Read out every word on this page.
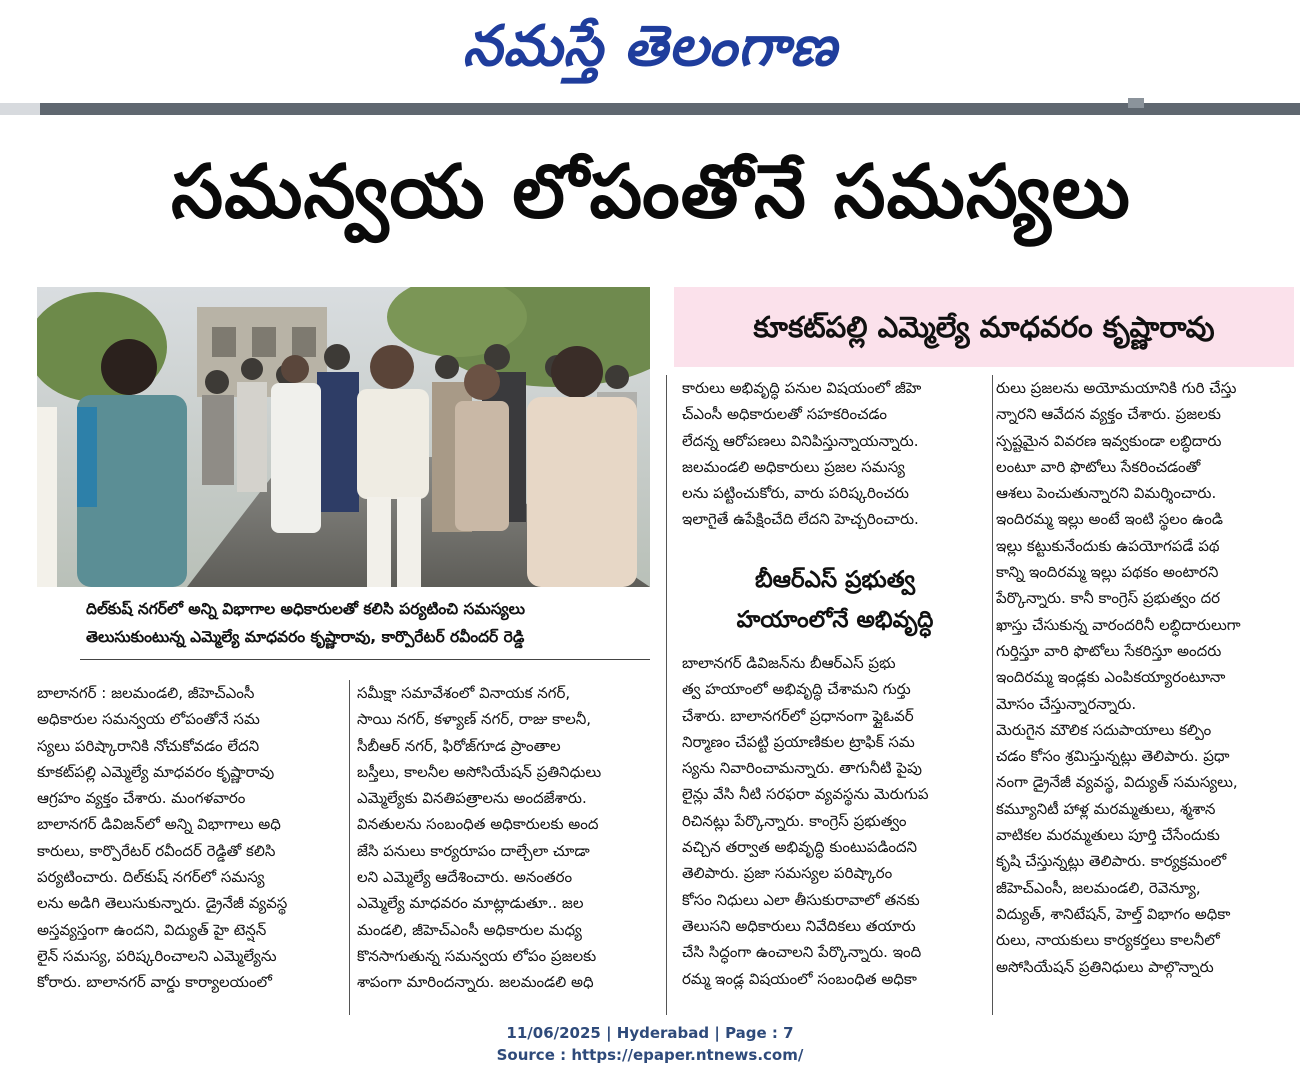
నమస్తే తెలంగాణ
సమన్వయ లోపంతోనే సమస్యలు
దిల్‌కుష్ నగర్‌లో అన్ని విభాగాల అధికారులతో కలిసి పర్యటించి సమస్యలు
తెలుసుకుంటున్న ఎమ్మెల్యే మాధవరం కృష్ణారావు, కార్పొరేటర్ రవీందర్ రెడ్డి
కూకట్‌పల్లి ఎమ్మెల్యే మాధవరం కృష్ణారావు

బాలానగర్ : జలమండలి, జీహెచ్ఎంసీ

అధికారుల సమన్వయ లోపంతోనే సమ

స్యలు పరిష్కారానికి నోచుకోవడం లేదని

కూకట్‌పల్లి ఎమ్మెల్యే మాధవరం కృష్ణారావు

ఆగ్రహం వ్యక్తం చేశారు. మంగళవారం

బాలానగర్ డివిజన్‌లో అన్ని విభాగాలు అధి

కారులు, కార్పొరేటర్ రవీందర్ రెడ్డితో కలిసి

పర్యటించారు. దిల్‌కుష్ నగర్‌లో సమస్య

లను అడిగి తెలుసుకున్నారు. డ్రైనేజీ వ్యవస్థ

అస్తవ్యస్తంగా ఉందని, విద్యుత్ హై టెన్షన్

లైన్ సమస్య, పరిష్కరించాలని ఎమ్మెల్యేను

కోరారు. బాలానగర్ వార్డు కార్యాలయంలో

సమీక్షా సమావేశంలో వినాయక నగర్,

సాయి నగర్, కళ్యాణ్ నగర్, రాజు కాలనీ,

సీబీఆర్ నగర్, ఫిరోజ్‌గూడ ప్రాంతాల

బస్తీలు, కాలనీల అసోసియేషన్ ప్రతినిధులు

ఎమ్మెల్యేకు వినతిపత్రాలను అందజేశారు.

వినతులను సంబంధిత అధికారులకు అంద

జేసి పనులు కార్యరూపం దాల్చేలా చూడా

లని ఎమ్మెల్యే ఆదేశించారు. అనంతరం

ఎమ్మెల్యే మాధవరం మాట్లాడుతూ.. జల

మండలి, జీహెచ్ఎంసీ అధికారుల మధ్య

కొనసాగుతున్న సమన్వయ లోపం ప్రజలకు

శాపంగా మారిందన్నారు. జలమండలి అధి

కారులు అభివృద్ధి పనుల విషయంలో జీహె

చ్ఎంసీ అధికారులతో సహకరించడం

లేదన్న ఆరోపణలు వినిపిస్తున్నాయన్నారు.

జలమండలి అధికారులు ప్రజల సమస్య

లను పట్టించుకోరు, వారు పరిష్కరించరు

ఇలాగైతే ఉపేక్షించేది లేదని హెచ్చరించారు.

బీఆర్ఎస్ ప్రభుత్వ
హయాంలోనే అభివృద్ధి

బాలానగర్ డివిజన్‌ను బీఆర్ఎస్ ప్రభు

త్వ హయాంలో అభివృద్ధి చేశామని గుర్తు

చేశారు. బాలానగర్‌లో ప్రధానంగా ఫ్లైఓవర్

నిర్మాణం చేపట్టి ప్రయాణికుల ట్రాఫిక్ సమ

స్యను నివారించామన్నారు. తాగునీటి పైపు

లైన్లు వేసి నీటి సరఫరా వ్యవస్థను మెరుగుప

రిచినట్లు పేర్కొన్నారు. కాంగ్రెస్ ప్రభుత్వం

వచ్చిన తర్వాత అభివృద్ధి కుంటుపడిందని

తెలిపారు. ప్రజా సమస్యల పరిష్కారం

కోసం నిధులు ఎలా తీసుకురావాలో తనకు

తెలుసని అధికారులు నివేదికలు తయారు

చేసి సిద్ధంగా ఉంచాలని పేర్కొన్నారు. ఇంది

రమ్మ ఇండ్ల విషయంలో సంబంధిత అధికా

రులు ప్రజలను అయోమయానికి గురి చేస్తు

న్నారని ఆవేదన వ్యక్తం చేశారు. ప్రజలకు

స్పష్టమైన వివరణ ఇవ్వకుండా లబ్ధిదారు

లంటూ వారి ఫొటోలు సేకరించడంతో

ఆశలు పెంచుతున్నారని విమర్శించారు.

ఇందిరమ్మ ఇల్లు అంటే ఇంటి స్థలం ఉండి

ఇల్లు కట్టుకునేందుకు ఉపయోగపడే పథ

కాన్ని ఇందిరమ్మ ఇల్లు పథకం అంటారని

పేర్కొన్నారు. కానీ కాంగ్రెస్ ప్రభుత్వం దర

ఖాస్తు చేసుకున్న వారందరినీ లబ్ధిదారులుగా

గుర్తిస్తూ వారి ఫొటోలు సేకరిస్తూ అందరు

ఇందిరమ్మ ఇండ్లకు ఎంపికయ్యారంటూనా

మోసం చేస్తున్నారన్నారు.

మెరుగైన మౌలిక సదుపాయాలు కల్పిం

చడం కోసం శ్రమిస్తున్నట్లు తెలిపారు. ప్రధా

నంగా డ్రైనేజీ వ్యవస్థ, విద్యుత్ సమస్యలు,

కమ్యూనిటీ హాళ్ల మరమ్మతులు, శ్మశాన

వాటికల మరమ్మతులు పూర్తి చేసేందుకు

కృషి చేస్తున్నట్లు తెలిపారు. కార్యక్రమంలో

జీహెచ్ఎంసీ, జలమండలి, రెవెన్యూ,

విద్యుత్, శానిటేషన్, హెల్త్ విభాగం అధికా

రులు, నాయకులు కార్యకర్తలు కాలనీలో

అసోసియేషన్ ప్రతినిధులు పాల్గొన్నారు

11/06/2025 | Hyderabad | Page : 7
Source : https://epaper.ntnews.com/
